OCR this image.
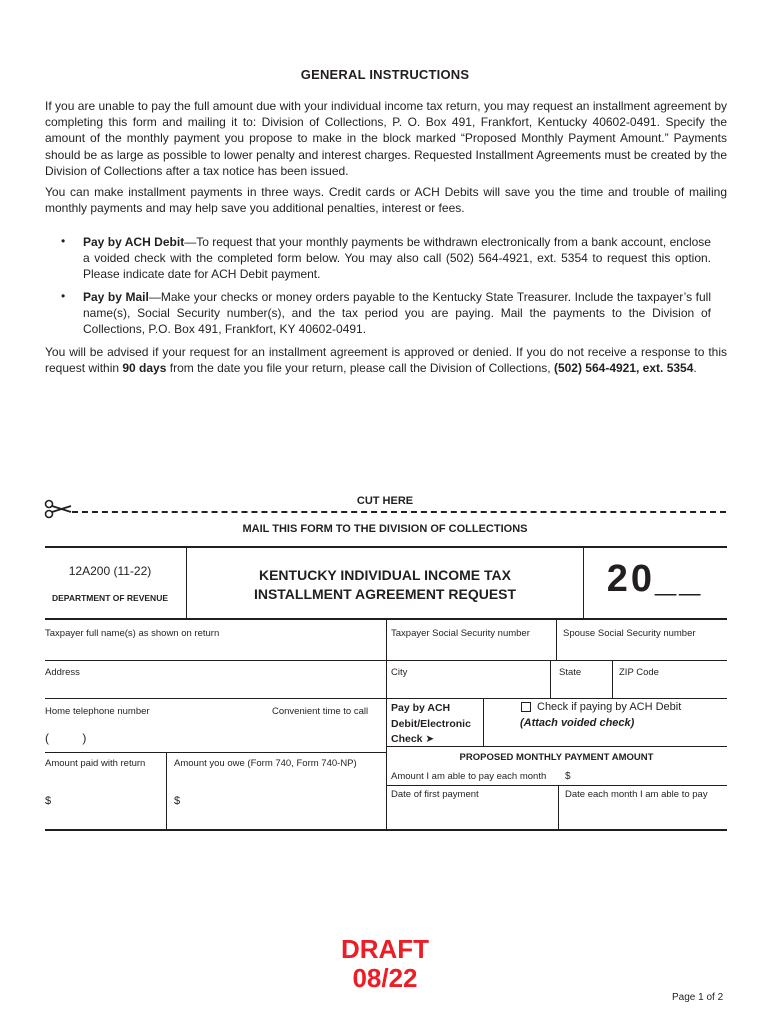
GENERAL INSTRUCTIONS
If you are unable to pay the full amount due with your individual income tax return, you may request an installment agreement by completing this form and mailing it to: Division of Collections, P. O. Box 491, Frankfort, Kentucky 40602-0491. Specify the amount of the monthly payment you propose to make in the block marked “Proposed Monthly Payment Amount.” Payments should be as large as possible to lower penalty and interest charges. Requested Installment Agreements must be created by the Division of Collections after a tax notice has been issued.
You can make installment payments in three ways. Credit cards or ACH Debits will save you the time and trouble of mailing monthly payments and may help save you additional penalties, interest or fees.
• Pay by ACH Debit—To request that your monthly payments be withdrawn electronically from a bank account, enclose a voided check with the completed form below. You may also call (502) 564-4921, ext. 5354 to request this option. Please indicate date for ACH Debit payment.
• Pay by Mail—Make your checks or money orders payable to the Kentucky State Treasurer. Include the taxpayer’s full name(s), Social Security number(s), and the tax period you are paying. Mail the payments to the Division of Collections, P.O. Box 491, Frankfort, KY 40602-0491.
You will be advised if your request for an installment agreement is approved or denied. If you do not receive a response to this request within 90 days from the date you file your return, please call the Division of Collections, (502) 564-4921, ext. 5354.
CUT HERE
MAIL THIS FORM TO THE DIVISION OF COLLECTIONS
12A200 (11-22)
DEPARTMENT OF REVENUE
KENTUCKY INDIVIDUAL INCOME TAX
INSTALLMENT AGREEMENT REQUEST	20__
Taxpayer full name(s) as shown on return	Taxpayer Social Security number	Spouse Social Security number
Address	City	State	ZIP Code
Home telephone number	Convenient time to call
(          )
Pay by ACH
Debit/Electronic
Check ➤
Check if paying by ACH Debit
(Attach voided check)
PROPOSED MONTHLY PAYMENT AMOUNT
Amount paid with return	Amount you owe (Form 740, Form 740-NP)
$	$
Amount I am able to pay each month $
Date of first payment	Date each month I am able to pay
DRAFT
08/22
Page 1 of 2
